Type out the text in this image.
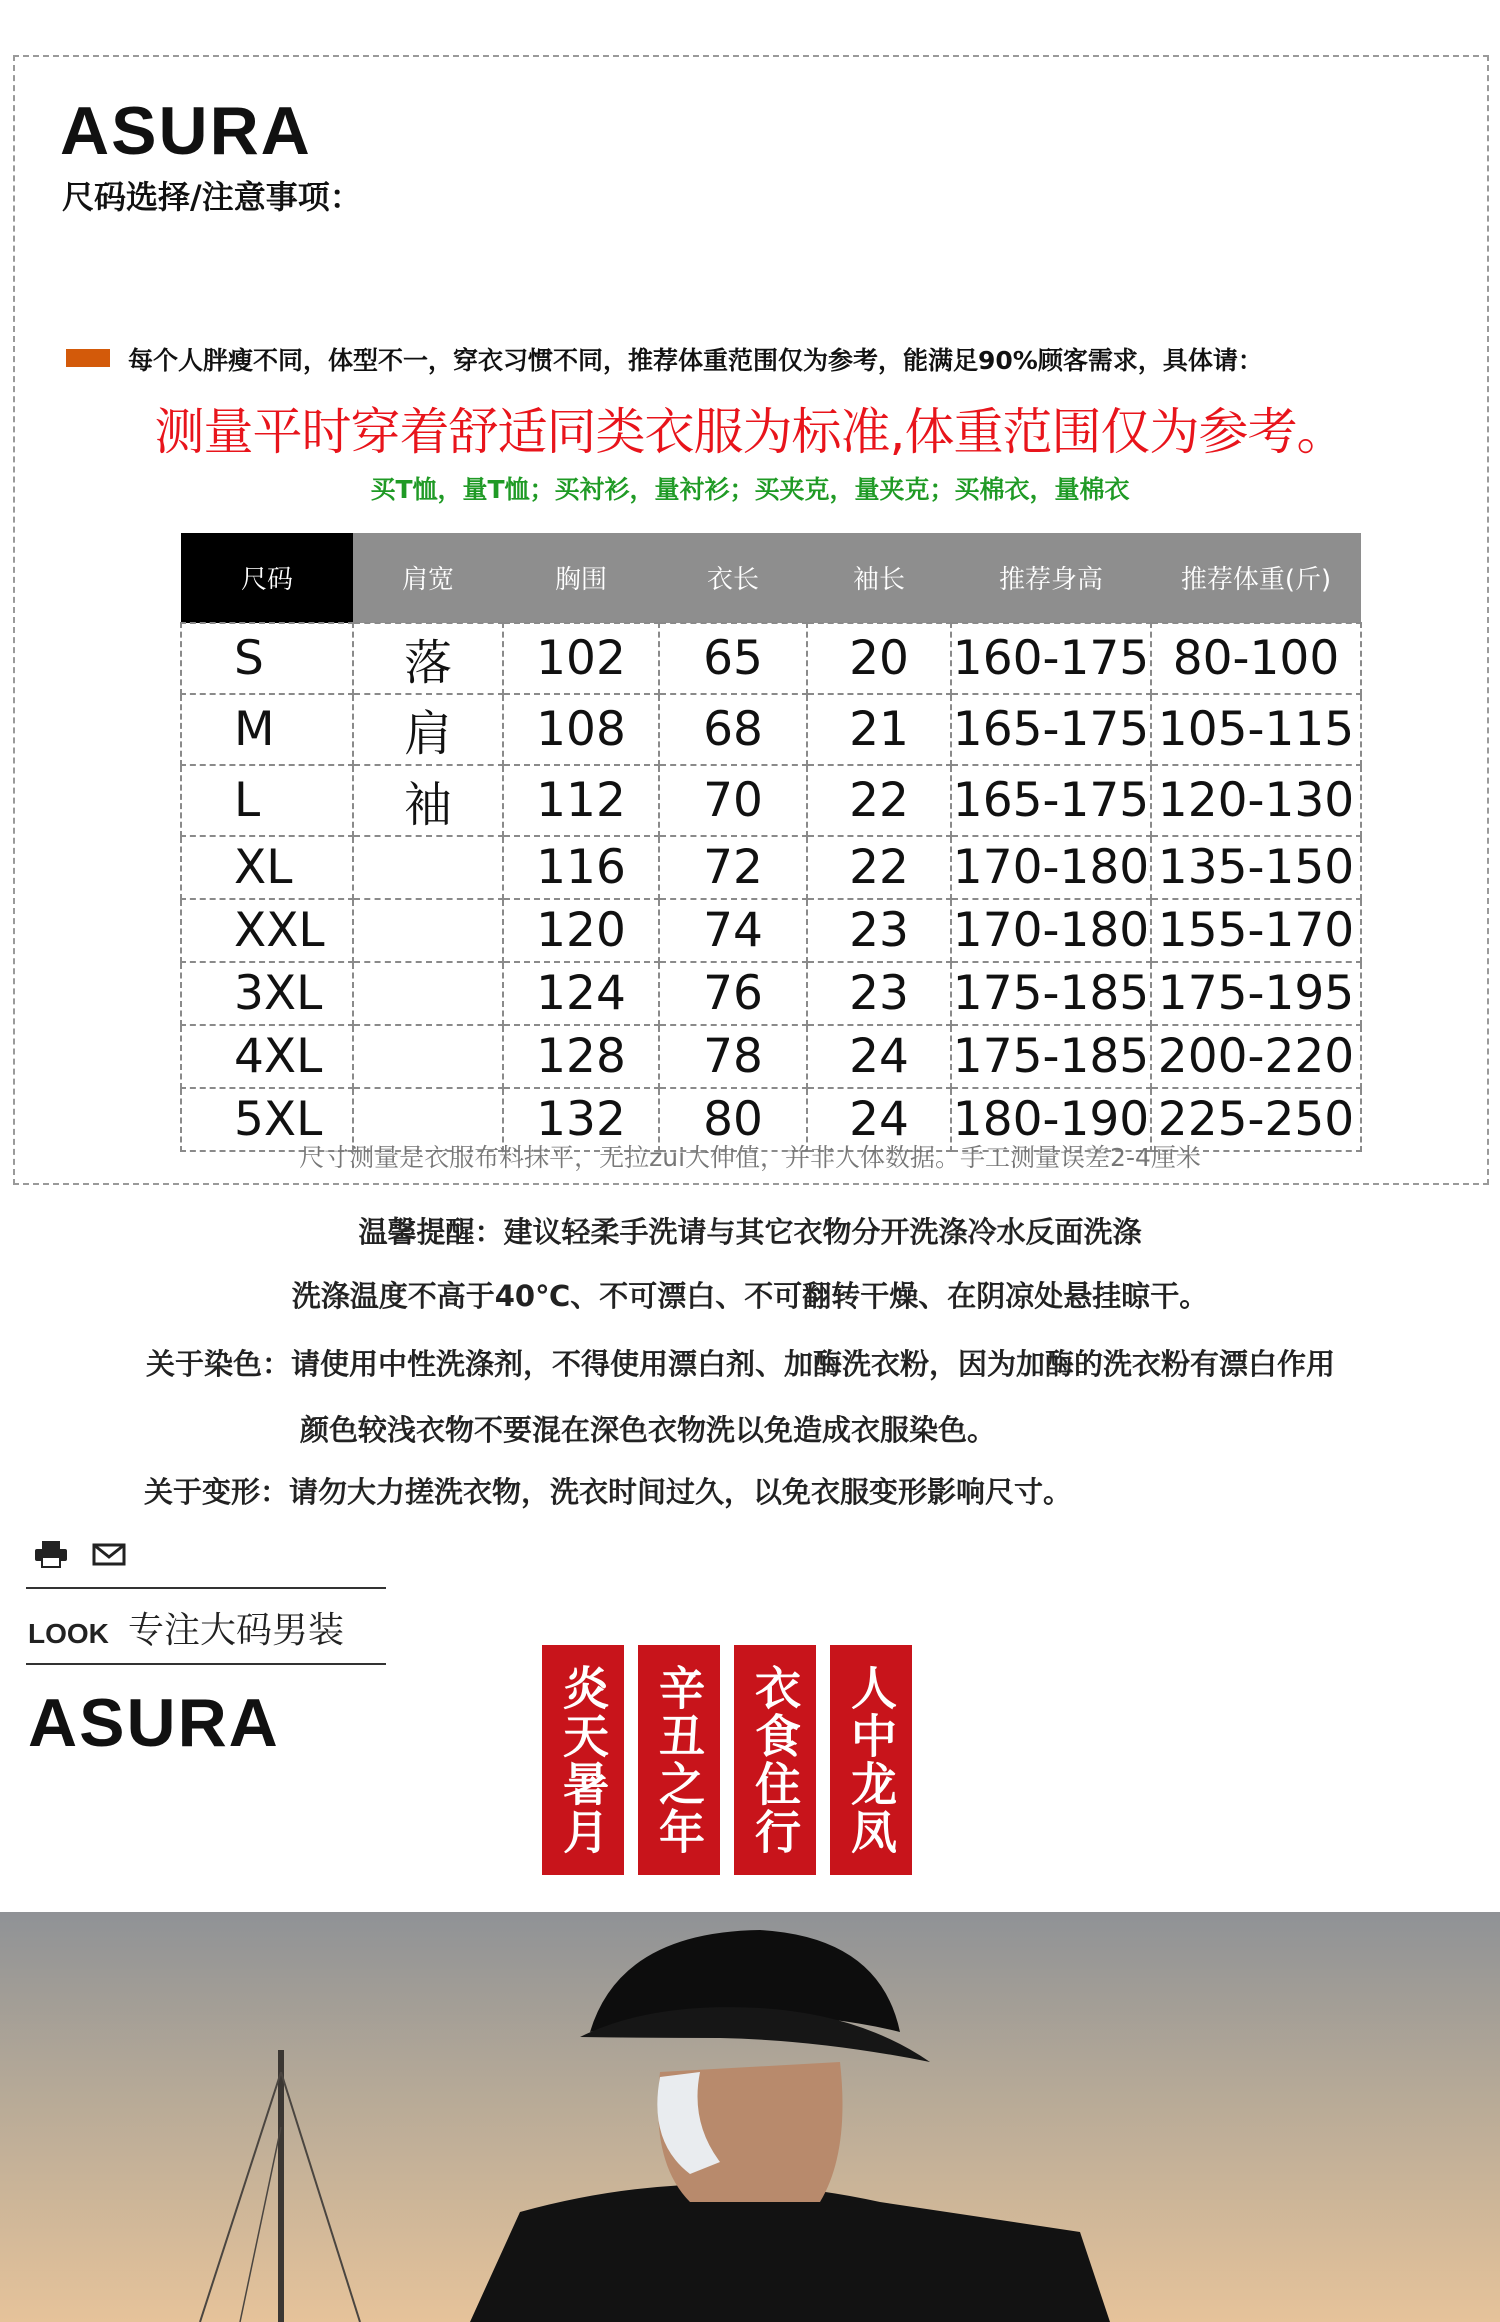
ASURA
尺码选择/注意事项：
每个人胖瘦不同，体型不一，穿衣习惯不同，推荐体重范围仅为参考，能满足90%顾客需求，具体请：
测量平时穿着舒适同类衣服为标准,体重范围仅为参考。
买T恤，量T恤；买衬衫，量衬衫；买夹克，量夹克；买棉衣，量棉衣
尺码	肩宽	胸围	衣长	袖长	推荐身高	推荐体重(斤)
S	落	102	65	20	160-175	80-100
M	肩	108	68	21	165-175	105-115
L	袖	112	70	22	165-175	120-130
XL		116	72	22	170-180	135-150
XXL		120	74	23	170-180	155-170
3XL		124	76	23	175-185	175-195
4XL		128	78	24	175-185	200-220
5XL		132	80	24	180-190	225-250
尺寸测量是衣服布料抹平，无拉zui大伸值，并非人体数据。手工测量误差2-4厘米
温馨提醒：建议轻柔手洗请与其它衣物分开洗涤冷水反面洗涤
洗涤温度不高于40℃、不可漂白、不可翻转干燥、在阴凉处悬挂晾干。
关于染色：请使用中性洗涤剂，不得使用漂白剂、加酶洗衣粉，因为加酶的洗衣粉有漂白作用
颜色较浅衣物不要混在深色衣物洗以免造成衣服染色。
关于变形：请勿大力搓洗衣物，洗衣时间过久，以免衣服变形影响尺寸。
LOOK 专注大码男装
ASURA	炎天暑月 辛丑之年 衣食住行 人中龙凤
